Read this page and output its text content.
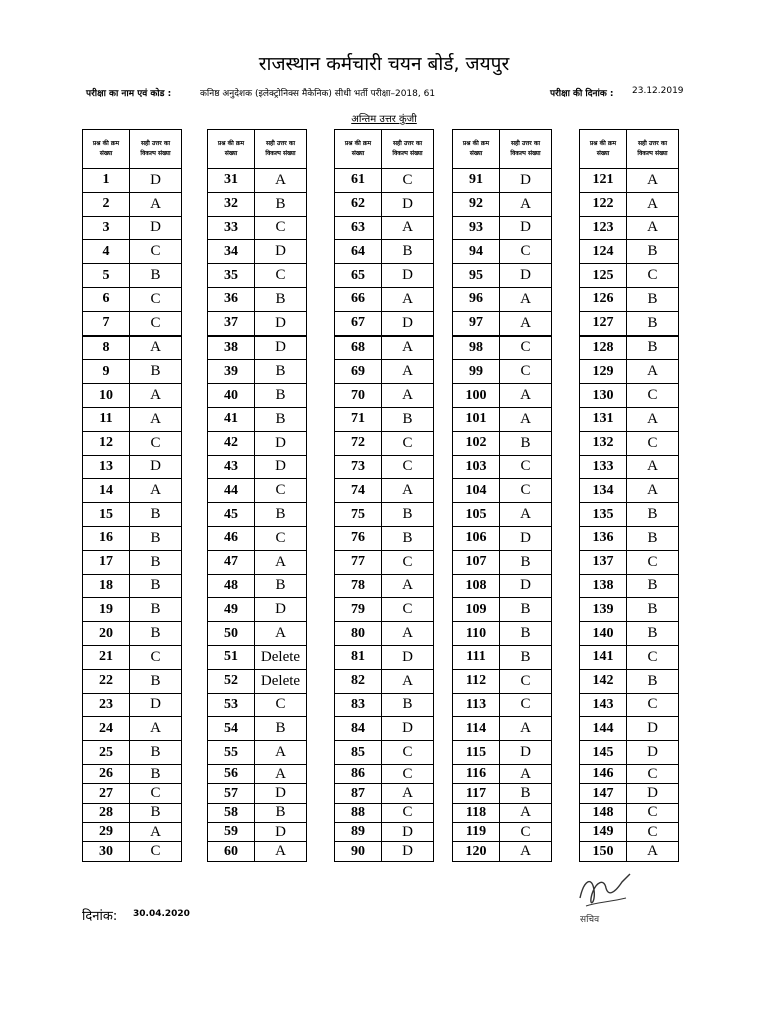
राजस्थान कर्मचारी चयन बोर्ड, जयपुर
परीक्षा का नाम एवं कोड :	कनिष्ठ अनुदेशक (इलेक्ट्रोनिक्स मैकेनिक) सीधी भर्ती परीक्षा–2018, 61	परीक्षा की दिनांक : 23.12.2019
अन्तिम उत्तर कुंजी
प्रश्न की क्रम
संख्या	सही उत्तर का
विकल्प संख्या
1	D
2	A
3	D
4	C
5	B
6	C
7	C
8	A
9	B
10	A
11	A
12	C
13	D
14	A
15	B
16	B
17	B
18	B
19	B
20	B
21	C
22	B
23	D
24	A
25	B
26	B
27	C
28	B
29	A
30	C
प्रश्न की क्रम
संख्या	सही उत्तर का
विकल्प संख्या
31	A
32	B
33	C
34	D
35	C
36	B
37	D
38	D
39	B
40	B
41	B
42	D
43	D
44	C
45	B
46	C
47	A
48	B
49	D
50	A
51	Delete
52	Delete
53	C
54	B
55	A
56	A
57	D
58	B
59	D
60	A
प्रश्न की क्रम
संख्या	सही उत्तर का
विकल्प संख्या
61	C
62	D
63	A
64	B
65	D
66	A
67	D
68	A
69	A
70	A
71	B
72	C
73	C
74	A
75	B
76	B
77	C
78	A
79	C
80	A
81	D
82	A
83	B
84	D
85	C
86	C
87	A
88	C
89	D
90	D
प्रश्न की क्रम
संख्या	सही उत्तर का
विकल्प संख्या
91	D
92	A
93	D
94	C
95	D
96	A
97	A
98	C
99	C
100	A
101	A
102	B
103	C
104	C
105	A
106	D
107	B
108	D
109	B
110	B
111	B
112	C
113	C
114	A
115	D
116	A
117	B
118	A
119	C
120	A
प्रश्न की क्रम
संख्या	सही उत्तर का
विकल्प संख्या
121	A
122	A
123	A
124	B
125	C
126	B
127	B
128	B
129	A
130	C
131	A
132	C
133	A
134	A
135	B
136	B
137	C
138	B
139	B
140	B
141	C
142	B
143	C
144	D
145	D
146	C
147	D
148	C
149	C
150	A
दिनांक: 30.04.2020
सचिव
